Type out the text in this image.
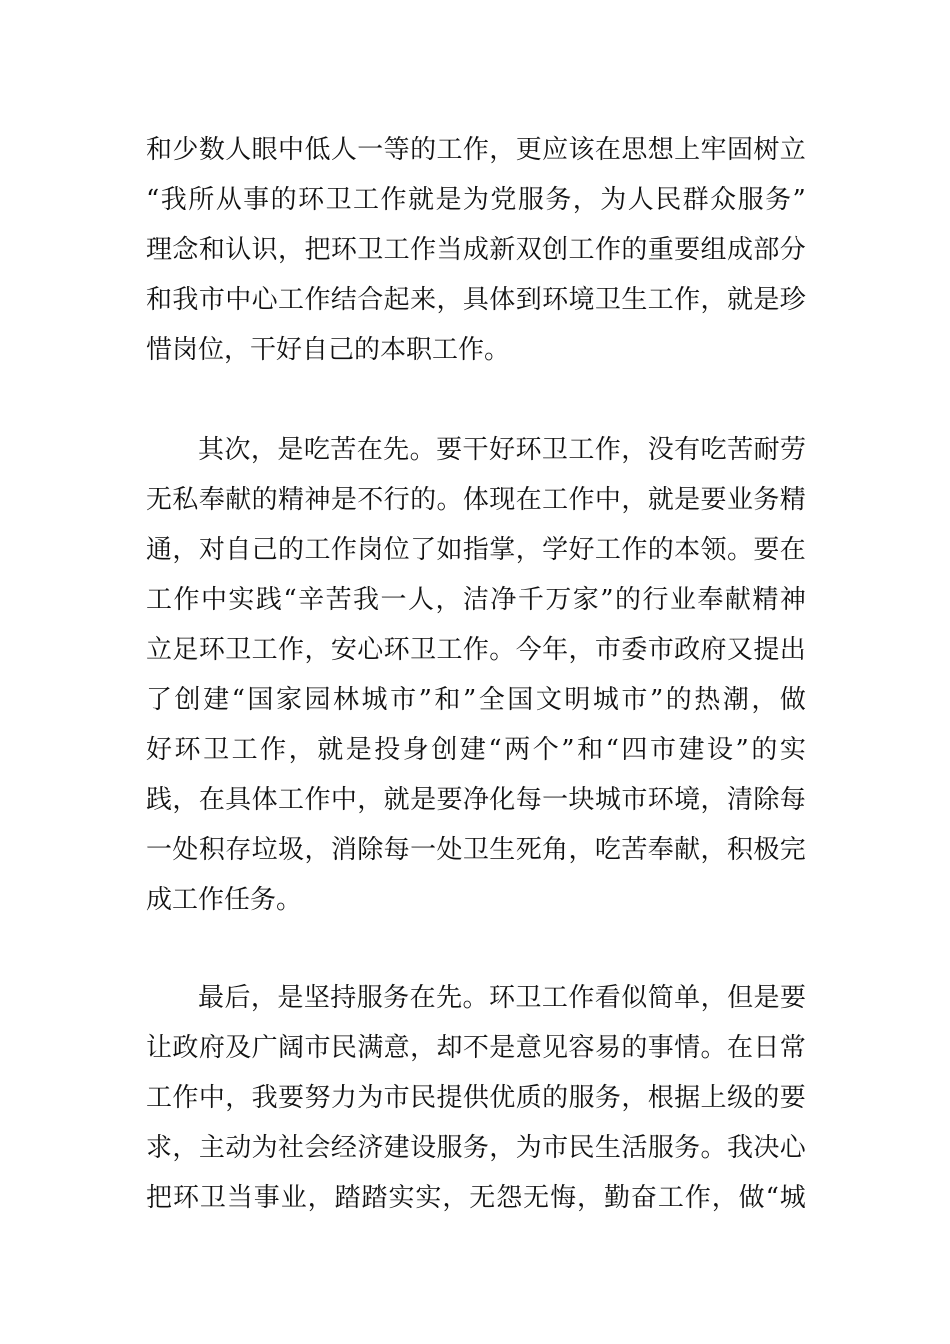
和 少 数 人 眼 中 低 人 一 等 的 工 作 ， 更 应 该 在 思 想 上 牢 固 树 立
“ 我 所 从 事 的 环 卫 工 作 就 是 为 党 服 务 ， 为 人 民 群 众 服 务 ”
理 念 和 认 识 ， 把 环 卫 工 作 当 成 新 双 创 工 作 的 重 要 组 成 部 分
和 我 市 中 心 工 作 结 合 起 来 ， 具 体 到 环 境 卫 生 工 作 ， 就 是 珍
惜岗位，干好自己的本职工作。
其 次 ， 是 吃 苦 在 先 。 要 干 好 环 卫 工 作 ， 没 有 吃 苦 耐 劳
无 私 奉 献 的 精 神 是 不 行 的 。 体 现 在 工 作 中 ， 就 是 要 业 务 精
通 ， 对 自 己 的 工 作 岗 位 了 如 指 掌 ， 学 好 工 作 的 本 领 。 要 在
工 作 中 实 践 “ 辛 苦 我 一 人 ， 洁 净 千 万 家 ” 的 行 业 奉 献 精 神
立 足 环 卫 工 作 ， 安 心 环 卫 工 作 。 今 年 ， 市 委 市 政 府 又 提 出
了 创 建 “ 国 家 园 林 城 市 ” 和 ” 全 国 文 明 城 市 ” 的 热 潮 ， 做
好 环 卫 工 作 ， 就 是 投 身 创 建 “ 两 个 ” 和 “ 四 市 建 设 ” 的 实
践 ， 在 具 体 工 作 中 ， 就 是 要 净 化 每 一 块 城 市 环 境 ， 清 除 每
一 处 积 存 垃 圾 ， 消 除 每 一 处 卫 生 死 角 ， 吃 苦 奉 献 ， 积 极 完
成工作任务。
最 后 ， 是 坚 持 服 务 在 先 。 环 卫 工 作 看 似 简 单 ， 但 是 要
让 政 府 及 广 阔 市 民 满 意 ， 却 不 是 意 见 容 易 的 事 情 。 在 日 常
工 作 中 ， 我 要 努 力 为 市 民 提 供 优 质 的 服 务 ， 根 据 上 级 的 要
求 ， 主 动 为 社 会 经 济 建 设 服 务 ， 为 市 民 生 活 服 务 。 我 决 心
把 环 卫 当 事 业 ， 踏 踏 实 实 ， 无 怨 无 悔 ， 勤 奋 工 作 ， 做 “ 城
